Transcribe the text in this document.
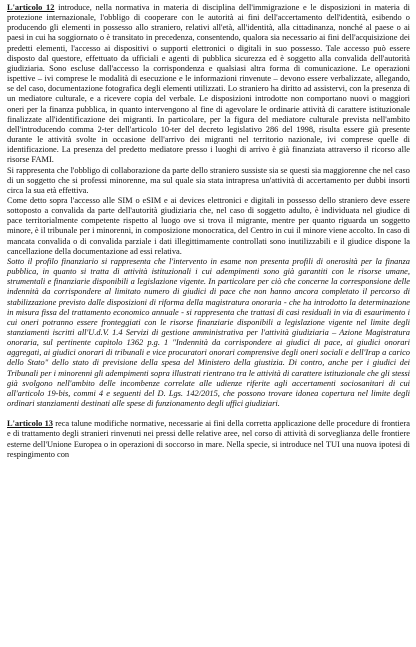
L'articolo 12 introduce, nella normativa in materia di disciplina dell'immigrazione e le disposizioni in materia di protezione internazionale, l'obbligo di cooperare con le autorità ai fini dell'accertamento dell'identità, esibendo o producendo gli elementi in possesso allo straniero, relativi all'età, all'identità, alla cittadinanza, nonché al paese o ai paesi in cui ha soggiornato o è transitato in precedenza, consentendo, qualora sia necessario ai fini dell'acquisizione dei predetti elementi, l'accesso ai dispositivi o supporti elettronici o digitali in suo possesso. Tale accesso può essere disposto dal questore, effettuato da ufficiali e agenti di pubblica sicurezza ed è soggetto alla convalida dell'autorità giudiziaria. Sono escluse dall'accesso la corrispondenza e qualsiasi altra forma di comunicazione. Le operazioni ispettive – ivi comprese le modalità di esecuzione e le informazioni rinvenute – devono essere verbalizzate, allegando, se del caso, documentazione fotografica degli elementi utilizzati. Lo straniero ha diritto ad assistervi, con la presenza di un mediatore culturale, e a ricevere copia del verbale. Le disposizioni introdotte non comportano nuovi o maggiori oneri per la finanza pubblica, in quanto intervengono al fine di agevolare le ordinarie attività di carattere istituzionale finalizzate all'identificazione dei migranti. In particolare, per la figura del mediatore culturale prevista nell'ambito dell'introducendo comma 2-ter dell'articolo 10-ter del decreto legislativo 286 del 1998, risulta essere già presente durante le attività svolte in occasione dell'arrivo dei migranti nel territorio nazionale, ivi comprese quelle di identificazione. La presenza del predetto mediatore presso i luoghi di arrivo è già finanziata attraverso il ricorso alle risorse FAMI.

Si rappresenta che l'obbligo di collaborazione da parte dello straniero sussiste sia se questi sia maggiorenne che nel caso di un soggetto che si professi minorenne, ma sul quale sia stata intrapresa un'attività di accertamento per dubbi insorti circa la sua età effettiva.

Come detto sopra l'accesso alle SIM o eSIM e ai devices elettronici e digitali in possesso dello straniero deve essere sottoposto a convalida da parte dell'autorità giudiziaria che, nel caso di soggetto adulto, è individuata nel giudice di pace territorialmente competente rispetto al luogo ove si trova il migrante, mentre per quanto riguarda un soggetto minore, è il tribunale per i minorenni, in composizione monocratica, del Centro in cui il minore viene accolto. In caso di mancata convalida o di convalida parziale i dati illegittimamente controllati sono inutilizzabili e il giudice dispone la cancellazione della documentazione ad essi relativa.

Sotto il profilo finanziario si rappresenta che l'intervento in esame non presenta profili di onerosità per la finanza pubblica, in quanto si tratta di attività istituzionali i cui adempimenti sono già garantiti con le risorse umane, strumentali e finanziarie disponibili a legislazione vigente. In particolare per ciò che concerne la corresponsione delle indennità da corrispondere al limitato numero di giudici di pace che non hanno ancora completato il percorso di stabilizzazione previsto dalle disposizioni di riforma della magistratura onoraria - che ha introdotto la determinazione in misura fissa del trattamento economico annuale - si rappresenta che trattasi di casi residuali in via di esaurimento i cui oneri potranno essere fronteggiati con le risorse finanziarie disponibili a legislazione vigente nel limite degli stanziamenti iscritti all'U.d.V. 1.4 Servizi di gestione amministrativa per l'attività giudiziaria – Azione Magistratura onoraria, sul pertinente capitolo 1362 p.g. 1 "Indennità da corrispondere ai giudici di pace, ai giudici onorari aggregati, ai giudici onorari di tribunali e vice procuratori onorari comprensive degli oneri sociali e dell'Irap a carico dello Stato" dello stato di previsione della spesa del Ministero della giustizia. Di contro, anche per i giudici dei Tribunali per i minorenni gli adempimenti sopra illustrati rientrano tra le attività di carattere istituzionale che gli stessi già svolgono nell'ambito delle incombenze correlate alle udienze riferite agli accertamenti sociosanitari di cui all'articolo 19-bis, commi 4 e seguenti del D. Lgs. 142/2015, che possono trovare idonea copertura nel limite degli ordinari stanziamenti destinati alle spese di funzionamento degli uffici giudiziari.

L'articolo 13 reca talune modifiche normative, necessarie ai fini della corretta applicazione delle procedure di frontiera e di trattamento degli stranieri rinvenuti nei pressi delle relative aree, nel corso di attività di sorveglianza delle frontiere esterne dell'Unione Europea o in operazioni di soccorso in mare. Nella specie, si introduce nel TUI una nuova ipotesi di respingimento con
